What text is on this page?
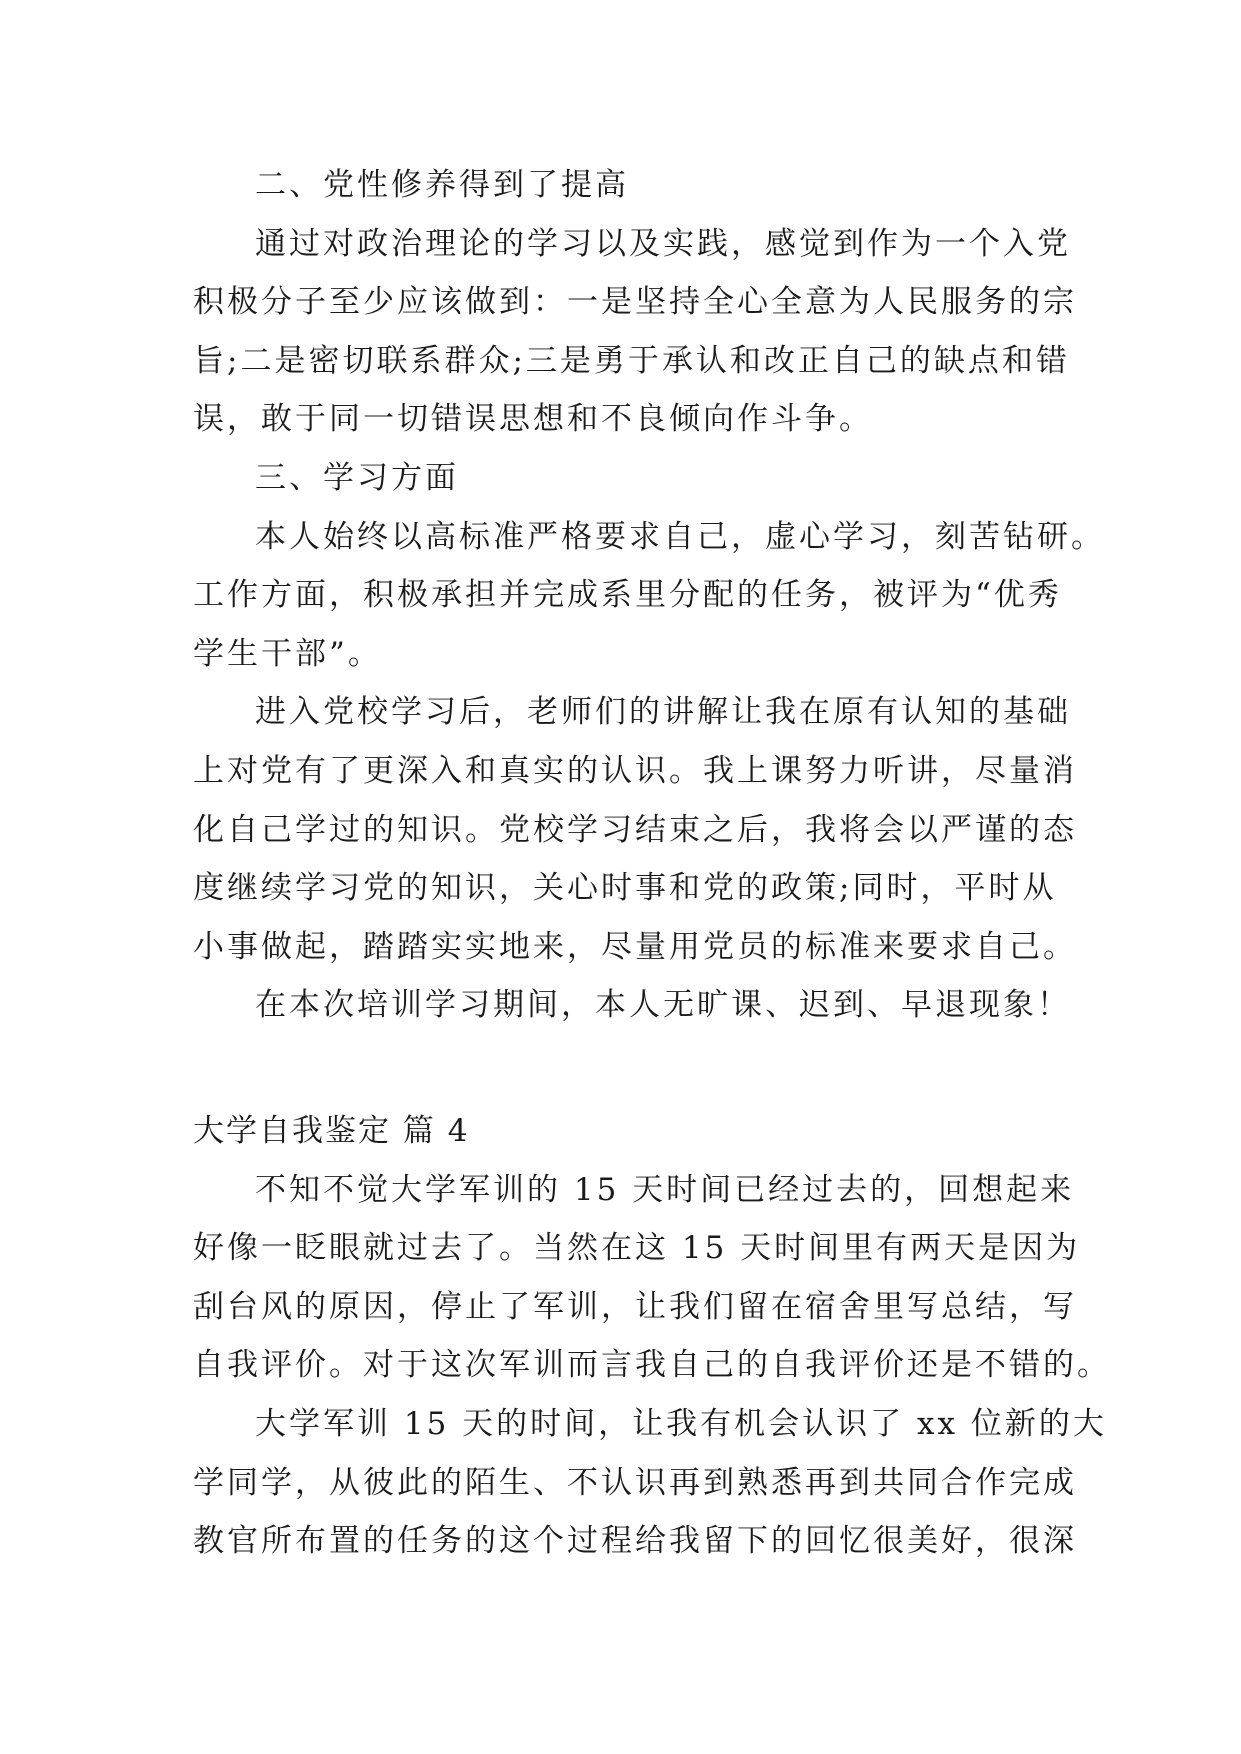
二、党性修养得到了提高
通过对政治理论的学习以及实践，感觉到作为一个入党
积极分子至少应该做到：一是坚持全心全意为人民服务的宗
旨;二是密切联系群众;三是勇于承认和改正自己的缺点和错
误，敢于同一切错误思想和不良倾向作斗争。
三、学习方面
本人始终以高标准严格要求自己，虚心学习，刻苦钻研。
工作方面，积极承担并完成系里分配的任务，被评为“优秀
学生干部”。
进入党校学习后，老师们的讲解让我在原有认知的基础
上对党有了更深入和真实的认识。我上课努力听讲，尽量消
化自己学过的知识。党校学习结束之后，我将会以严谨的态
度继续学习党的知识，关心时事和党的政策;同时，平时从
小事做起，踏踏实实地来，尽量用党员的标准来要求自己。
在本次培训学习期间，本人无旷课、迟到、早退现象！
大学自我鉴定 篇 4
不知不觉大学军训的 15 天时间已经过去的，回想起来
好像一眨眼就过去了。当然在这 15 天时间里有两天是因为
刮台风的原因，停止了军训，让我们留在宿舍里写总结，写
自我评价。对于这次军训而言我自己的自我评价还是不错的。
大学军训 15 天的时间，让我有机会认识了 xx 位新的大
学同学，从彼此的陌生、不认识再到熟悉再到共同合作完成
教官所布置的任务的这个过程给我留下的回忆很美好，很深
